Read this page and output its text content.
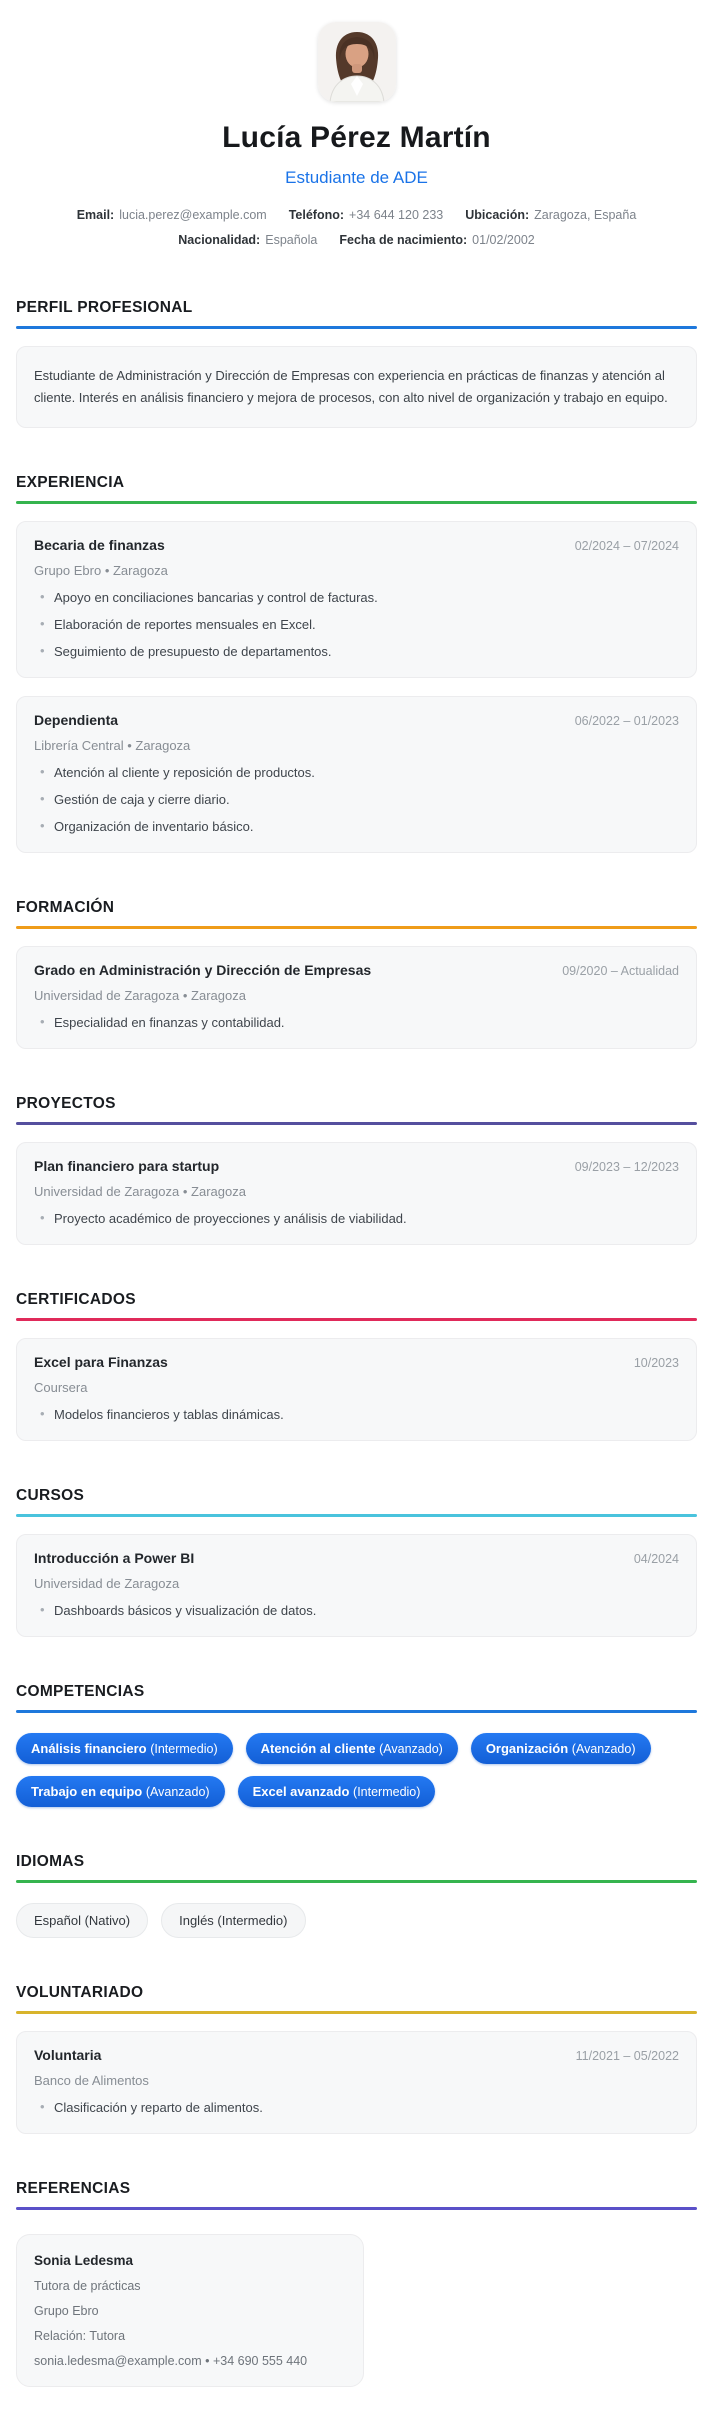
Lucía Pérez Martín
Estudiante de ADE
Email: lucia.perez@example.com Teléfono: +34 644 120 233 Ubicación: Zaragoza, España
Nacionalidad: Española Fecha de nacimiento: 01/02/2002
PERFIL PROFESIONAL

Estudiante de Administración y Dirección de Empresas con experiencia en prácticas de finanzas y atención al cliente. Interés en análisis financiero y mejora de procesos, con alto nivel de organización y trabajo en equipo.

EXPERIENCIA
Becaria de finanzas	02/2024 – 07/2024
Grupo Ebro • Zaragoza
• Apoyo en conciliaciones bancarias y control de facturas.
• Elaboración de reportes mensuales en Excel.
• Seguimiento de presupuesto de departamentos.
Dependienta	06/2022 – 01/2023
Librería Central • Zaragoza
• Atención al cliente y reposición de productos.
• Gestión de caja y cierre diario.
• Organización de inventario básico.
FORMACIÓN
Grado en Administración y Dirección de Empresas	09/2020 – Actualidad
Universidad de Zaragoza • Zaragoza
• Especialidad en finanzas y contabilidad.
PROYECTOS
Plan financiero para startup	09/2023 – 12/2023
Universidad de Zaragoza • Zaragoza
• Proyecto académico de proyecciones y análisis de viabilidad.
CERTIFICADOS
Excel para Finanzas	10/2023
Coursera
• Modelos financieros y tablas dinámicas.
CURSOS
Introducción a Power BI	04/2024
Universidad de Zaragoza
• Dashboards básicos y visualización de datos.
COMPETENCIAS
Análisis financiero (Intermedio)	Atención al cliente (Avanzado)	Organización (Avanzado)
Trabajo en equipo (Avanzado)	Excel avanzado (Intermedio)
IDIOMAS
Español (Nativo)	Inglés (Intermedio)
VOLUNTARIADO
Voluntaria	11/2021 – 05/2022
Banco de Alimentos
• Clasificación y reparto de alimentos.
REFERENCIAS
Sonia Ledesma
Tutora de prácticas
Grupo Ebro
Relación: Tutora
sonia.ledesma@example.com • +34 690 555 440
